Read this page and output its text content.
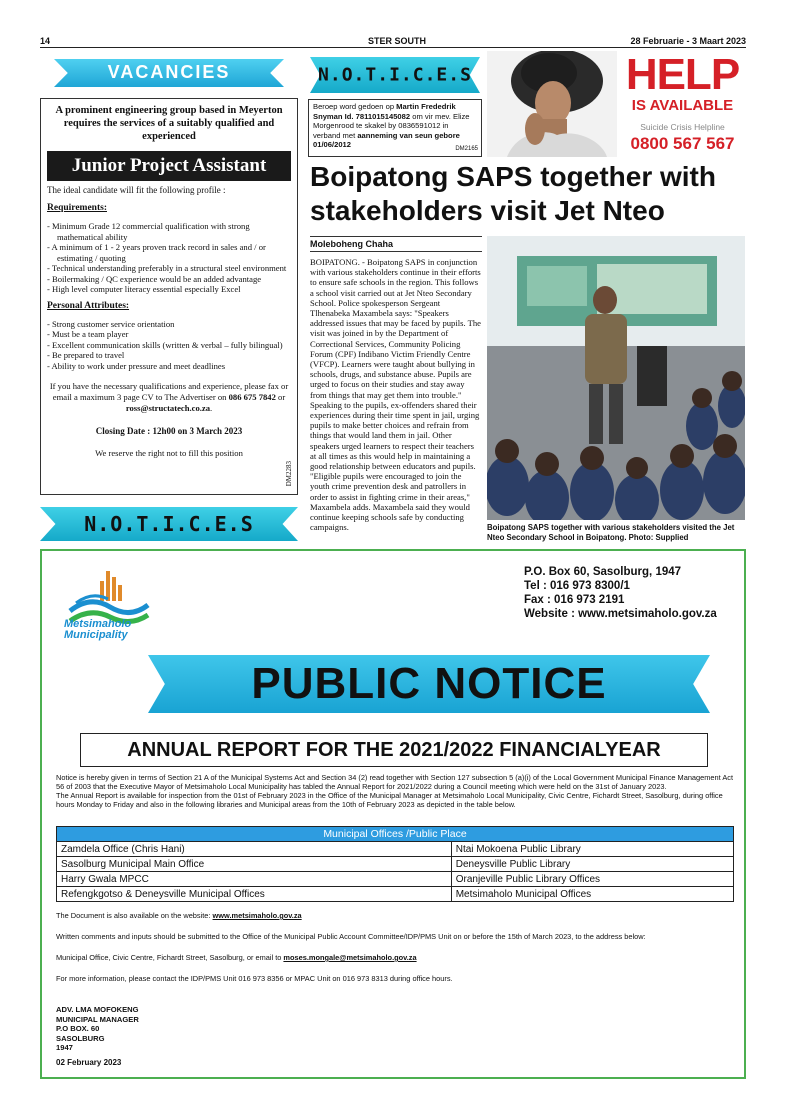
14	STER SOUTH	28 Februarie - 3 Maart 2023
VACANCIES
A prominent engineering group based in Meyerton requires the services of a suitably qualified and experienced
Junior Project Assistant
The ideal candidate will fit the following profile :
Requirements:
- Minimum Grade 12 commercial qualification with strong mathematical ability
- A minimum of 1 - 2 years proven track record in sales and / or estimating / quoting
- Technical understanding preferably in a structural steel environment
- Boilermaking / QC experience would be an added advantage
- High level computer literacy essential especially Excel
Personal Attributes:
- Strong customer service orientation
- Must be a team player
- Excellent communication skills (written & verbal – fully bilingual)
- Be prepared to travel
- Ability to work under pressure and meet deadlines
If you have the necessary qualifications and experience, please fax or email a maximum 3 page CV to The Advertiser on 086 675 7842 or ross@structatech.co.za.
Closing Date : 12h00 on 3 March 2023
We reserve the right not to fill this position
DM2283
N.O.T.I.C.E.S
N.O.T.I.C.E.S
Beroep word gedoen op Martin Frededrik Snyman Id. 7811015145082 om vir mev. Elize Morgenrood te skakel by 0836591012 in verband met aanneming van seun gebore 01/06/2012
DM2165
HELP
IS AVAILABLE
Suicide Crisis Helpline
0800 567 567
Boipatong SAPS together with stakeholders visit Jet Nteo
Moleboheng Chaha
BOIPATONG. - Boipatong SAPS in conjunction with various stakeholders continue in their efforts to ensure safe schools in the region. This follows a school visit carried out at Jet Nteo Secondary School. Police spokesperson Sergeant Tlhenabeka Maxambela says: "Speakers addressed issues that may be faced by pupils. The visit was joined in by the Department of Correctional Services, Community Policing Forum (CPF) Indibano Victim Friendly Centre (VFCP). Learners were taught about bullying in schools, drugs, and substance abuse. Pupils are urged to focus on their studies and stay away from things that may get them into trouble." Speaking to the pupils, ex-offenders shared their experiences during their time spent in jail, urging pupils to make better choices and refrain from things that would land them in jail. Other speakers urged learners to respect their teachers at all times as this would help in maintaining a good relationship between educators and pupils. "Eligible pupils were encouraged to join the youth crime prevention desk and patrollers in order to assist in fighting crime in their areas," Maxambela adds. Maxambela said they would continue keeping schools safe by conducting campaigns.	Boipatong SAPS together with various stakeholders visited the Jet Nteo Secondary School in Boipatong. Photo: Supplied
Metsimaholo
Municipality
P.O. Box 60, Sasolburg, 1947
Tel : 016 973 8300/1
Fax : 016 973 2191
Website : www.metsimaholo.gov.za
PUBLIC NOTICE
ANNUAL REPORT FOR THE 2021/2022 FINANCIALYEAR
Notice is hereby given in terms of Section 21 A of the Municipal Systems Act and Section 34 (2) read together with Section 127 subsection 5 (a)(i) of the Local Government Municipal Finance Management Act 56 of 2003 that the Executive Mayor of Metsimaholo Local Municipality has tabled the Annual Report for 2021/2022 during a Council meeting which were held on the 31st of January 2023.
The Annual Report is available for inspection from the 01st of February 2023 in the Office of the Municipal Manager at Metsimaholo Local Municipality, Civic Centre, Fichardt Street, Sasolburg, during office hours Monday to Friday and also in the following libraries and Municipal areas from the 10th of February 2023 as depicted in the table below.
Municipal Offices /Public Place	
Zamdela Office (Chris Hani)	Ntai Mokoena Public Library
Sasolburg Municipal Main Office	Deneysville Public Library
Harry Gwala MPCC	Oranjeville Public Library Offices
Refengkgotso & Deneysville Municipal Offices	Metsimaholo Municipal Offices

The Document is also available on the website: www.metsimaholo.gov.za

Written comments and inputs should be submitted to the Office of the Municipal Public Account Committee/IDP/PMS Unit on or before the 15th of March 2023, to the address below:

Municipal Office, Civic Centre, Fichardt Street, Sasolburg, or email to moses.mongale@metsimaholo.gov.za

For more information, please contact the IDP/PMS Unit 016 973 8356 or MPAC Unit on 016 973 8313 during office hours.

ADV. LMA MOFOKENG
MUNICIPAL MANAGER
P.O BOX. 60
SASOLBURG
1947
02 February 2023
